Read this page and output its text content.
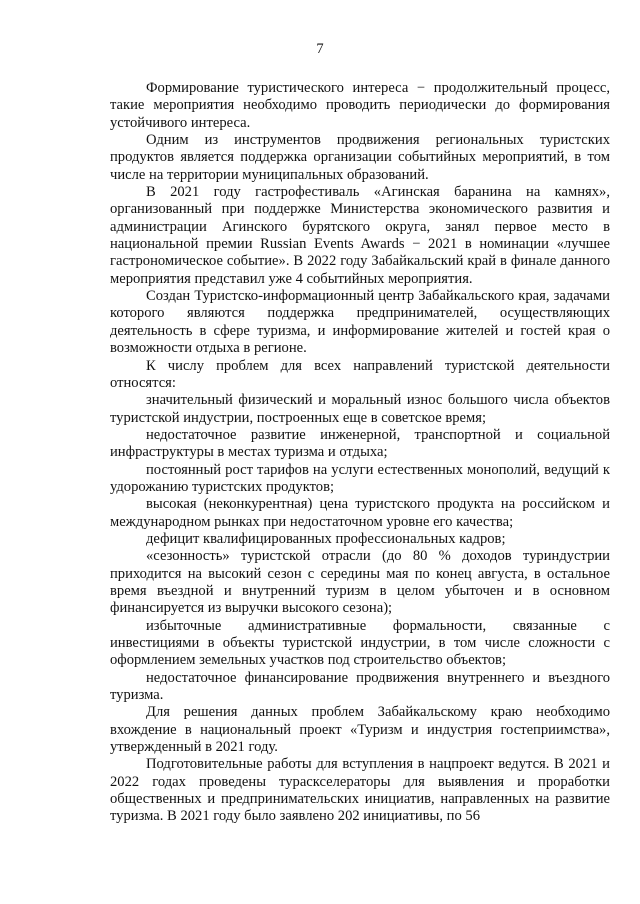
7

Формирование туристического интереса − продолжительный процесс, такие мероприятия необходимо проводить периодически до формирования устойчивого интереса.

Одним из инструментов продвижения региональных туристских продуктов является поддержка организации событийных мероприятий, в том числе на территории муниципальных образований.

В 2021 году гастрофестиваль «Агинская баранина на камнях», организованный при поддержке Министерства экономического развития и администрации Агинского бурятского округа, занял первое место в национальной премии Russian Events Awards − 2021 в номинации «лучшее гастрономическое событие». В 2022 году Забайкальский край в финале данного мероприятия представил уже 4 событийных мероприятия.

Создан Туристско-информационный центр Забайкальского края, задачами которого являются поддержка предпринимателей, осуществляющих деятельность в сфере туризма, и информирование жителей и гостей края о возможности отдыха в регионе.

К числу проблем для всех направлений туристской деятельности относятся:

значительный физический и моральный износ большого числа объектов туристской индустрии, построенных еще в советское время;

недостаточное развитие инженерной, транспортной и социальной инфраструктуры в местах туризма и отдыха;

постоянный рост тарифов на услуги естественных монополий, ведущий к удорожанию туристских продуктов;

высокая (неконкурентная) цена туристского продукта на российском и международном рынках при недостаточном уровне его качества;

дефицит квалифицированных профессиональных кадров;

«сезонность» туристской отрасли (до 80 % доходов туриндустрии приходится на высокий сезон с середины мая по конец августа, в остальное время въездной и внутренний туризм в целом убыточен и в основном финансируется из выручки высокого сезона);

избыточные административные формальности, связанные с инвестициями в объекты туристской индустрии, в том числе сложности с оформлением земельных участков под строительство объектов;

недостаточное финансирование продвижения внутреннего и въездного туризма.

Для решения данных проблем Забайкальскому краю необходимо вхождение в национальный проект «Туризм и индустрия гостеприимства», утвержденный в 2021 году.

Подготовительные работы для вступления в нацпроект ведутся. В 2021 и 2022 годах проведены тураскселераторы для выявления и проработки общественных и предпринимательских инициатив, направленных на развитие туризма. В 2021 году было заявлено 202 инициативы, по 56
